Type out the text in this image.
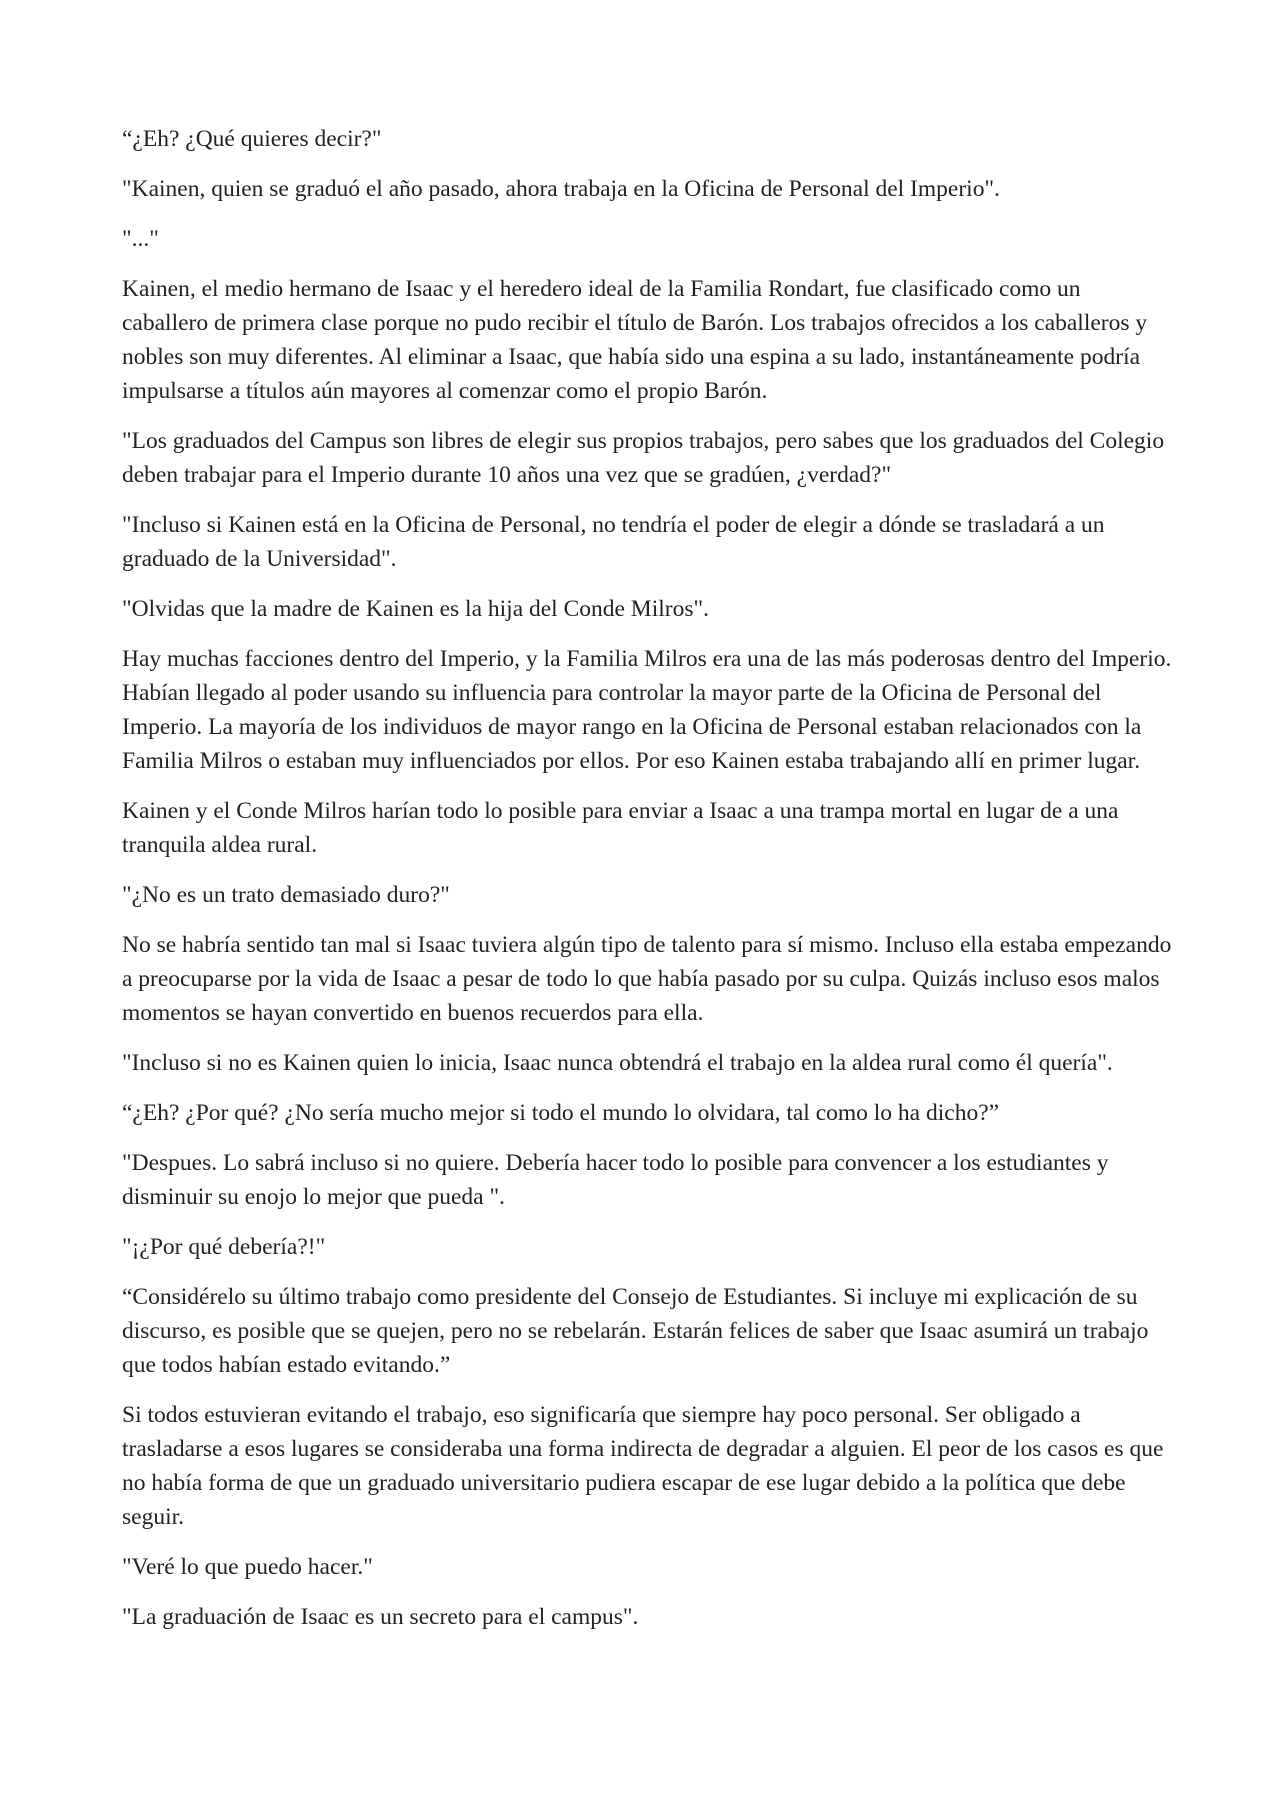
“¿Eh? ¿Qué quieres decir?"

"Kainen, quien se graduó el año pasado, ahora trabaja en la Oficina de Personal del Imperio".

"..."

Kainen, el medio hermano de Isaac y el heredero ideal de la Familia Rondart, fue clasificado como un caballero de primera clase porque no pudo recibir el título de Barón. Los trabajos ofrecidos a los caballeros y nobles son muy diferentes. Al eliminar a Isaac, que había sido una espina a su lado, instantáneamente podría impulsarse a títulos aún mayores al comenzar como el propio Barón.

"Los graduados del Campus son libres de elegir sus propios trabajos, pero sabes que los graduados del Colegio deben trabajar para el Imperio durante 10 años una vez que se gradúen, ¿verdad?"

"Incluso si Kainen está en la Oficina de Personal, no tendría el poder de elegir a dónde se trasladará a un graduado de la Universidad".

"Olvidas que la madre de Kainen es la hija del Conde Milros".

Hay muchas facciones dentro del Imperio, y la Familia Milros era una de las más poderosas dentro del Imperio. Habían llegado al poder usando su influencia para controlar la mayor parte de la Oficina de Personal del Imperio. La mayoría de los individuos de mayor rango en la Oficina de Personal estaban relacionados con la Familia Milros o estaban muy influenciados por ellos. Por eso Kainen estaba trabajando allí en primer lugar.

Kainen y el Conde Milros harían todo lo posible para enviar a Isaac a una trampa mortal en lugar de a una tranquila aldea rural.

"¿No es un trato demasiado duro?"

No se habría sentido tan mal si Isaac tuviera algún tipo de talento para sí mismo. Incluso ella estaba empezando a preocuparse por la vida de Isaac a pesar de todo lo que había pasado por su culpa. Quizás incluso esos malos momentos se hayan convertido en buenos recuerdos para ella.

"Incluso si no es Kainen quien lo inicia, Isaac nunca obtendrá el trabajo en la aldea rural como él quería".

“¿Eh? ¿Por qué? ¿No sería mucho mejor si todo el mundo lo olvidara, tal como lo ha dicho?”

"Despues. Lo sabrá incluso si no quiere. Debería hacer todo lo posible para convencer a los estudiantes y disminuir su enojo lo mejor que pueda ".

"¡¿Por qué debería?!"

“Considérelo su último trabajo como presidente del Consejo de Estudiantes. Si incluye mi explicación de su discurso, es posible que se quejen, pero no se rebelarán. Estarán felices de saber que Isaac asumirá un trabajo que todos habían estado evitando.”

Si todos estuvieran evitando el trabajo, eso significaría que siempre hay poco personal. Ser obligado a trasladarse a esos lugares se consideraba una forma indirecta de degradar a alguien. El peor de los casos es que no había forma de que un graduado universitario pudiera escapar de ese lugar debido a la política que debe seguir.

"Veré lo que puedo hacer."

"La graduación de Isaac es un secreto para el campus".
